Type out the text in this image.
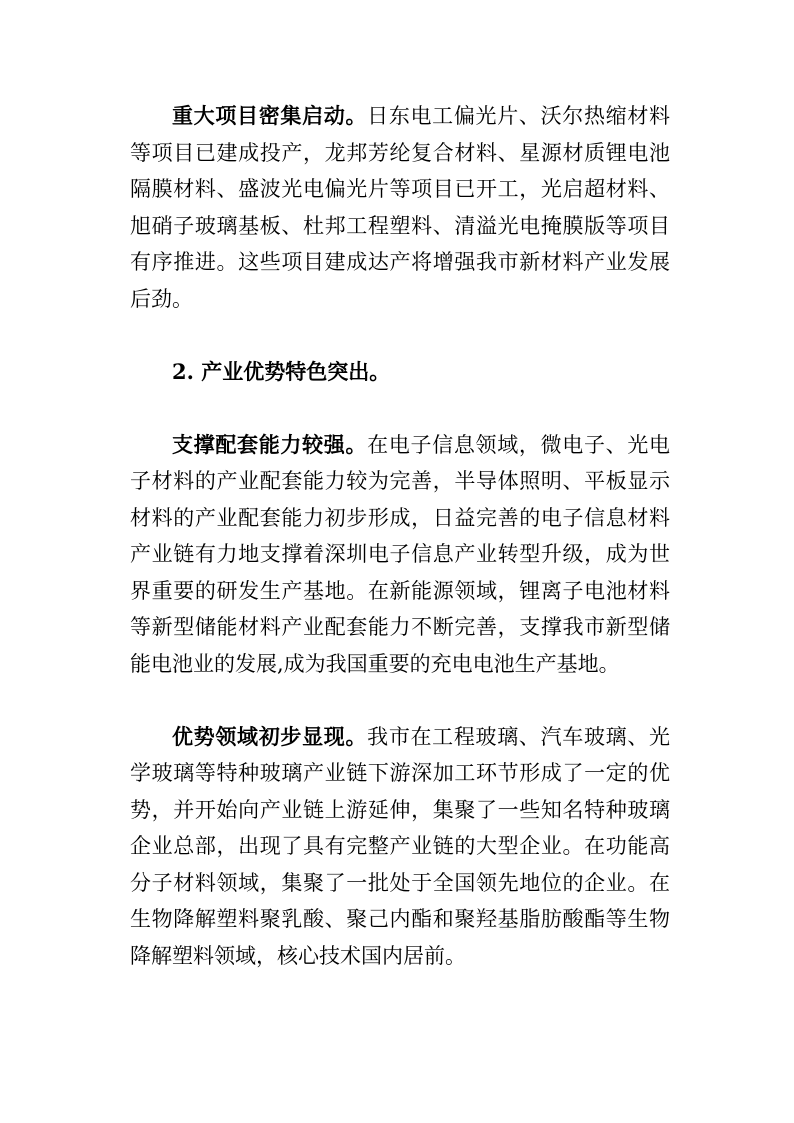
重大项目密集启动。日东电工偏光片、沃尔热缩材料等项目已建成投产，龙邦芳纶复合材料、星源材质锂电池隔膜材料、盛波光电偏光片等项目已开工，光启超材料、旭硝子玻璃基板、杜邦工程塑料、清溢光电掩膜版等项目有序推进。这些项目建成达产将增强我市新材料产业发展后劲。

2. 产业优势特色突出。

支撑配套能力较强。在电子信息领域，微电子、光电子材料的产业配套能力较为完善，半导体照明、平板显示材料的产业配套能力初步形成，日益完善的电子信息材料产业链有力地支撑着深圳电子信息产业转型升级，成为世界重要的研发生产基地。在新能源领域，锂离子电池材料等新型储能材料产业配套能力不断完善，支撑我市新型储能电池业的发展,成为我国重要的充电电池生产基地。

优势领域初步显现。我市在工程玻璃、汽车玻璃、光学玻璃等特种玻璃产业链下游深加工环节形成了一定的优势，并开始向产业链上游延伸，集聚了一些知名特种玻璃企业总部，出现了具有完整产业链的大型企业。在功能高分子材料领域，集聚了一批处于全国领先地位的企业。在生物降解塑料聚乳酸、聚己内酯和聚羟基脂肪酸酯等生物降解塑料领域，核心技术国内居前。
